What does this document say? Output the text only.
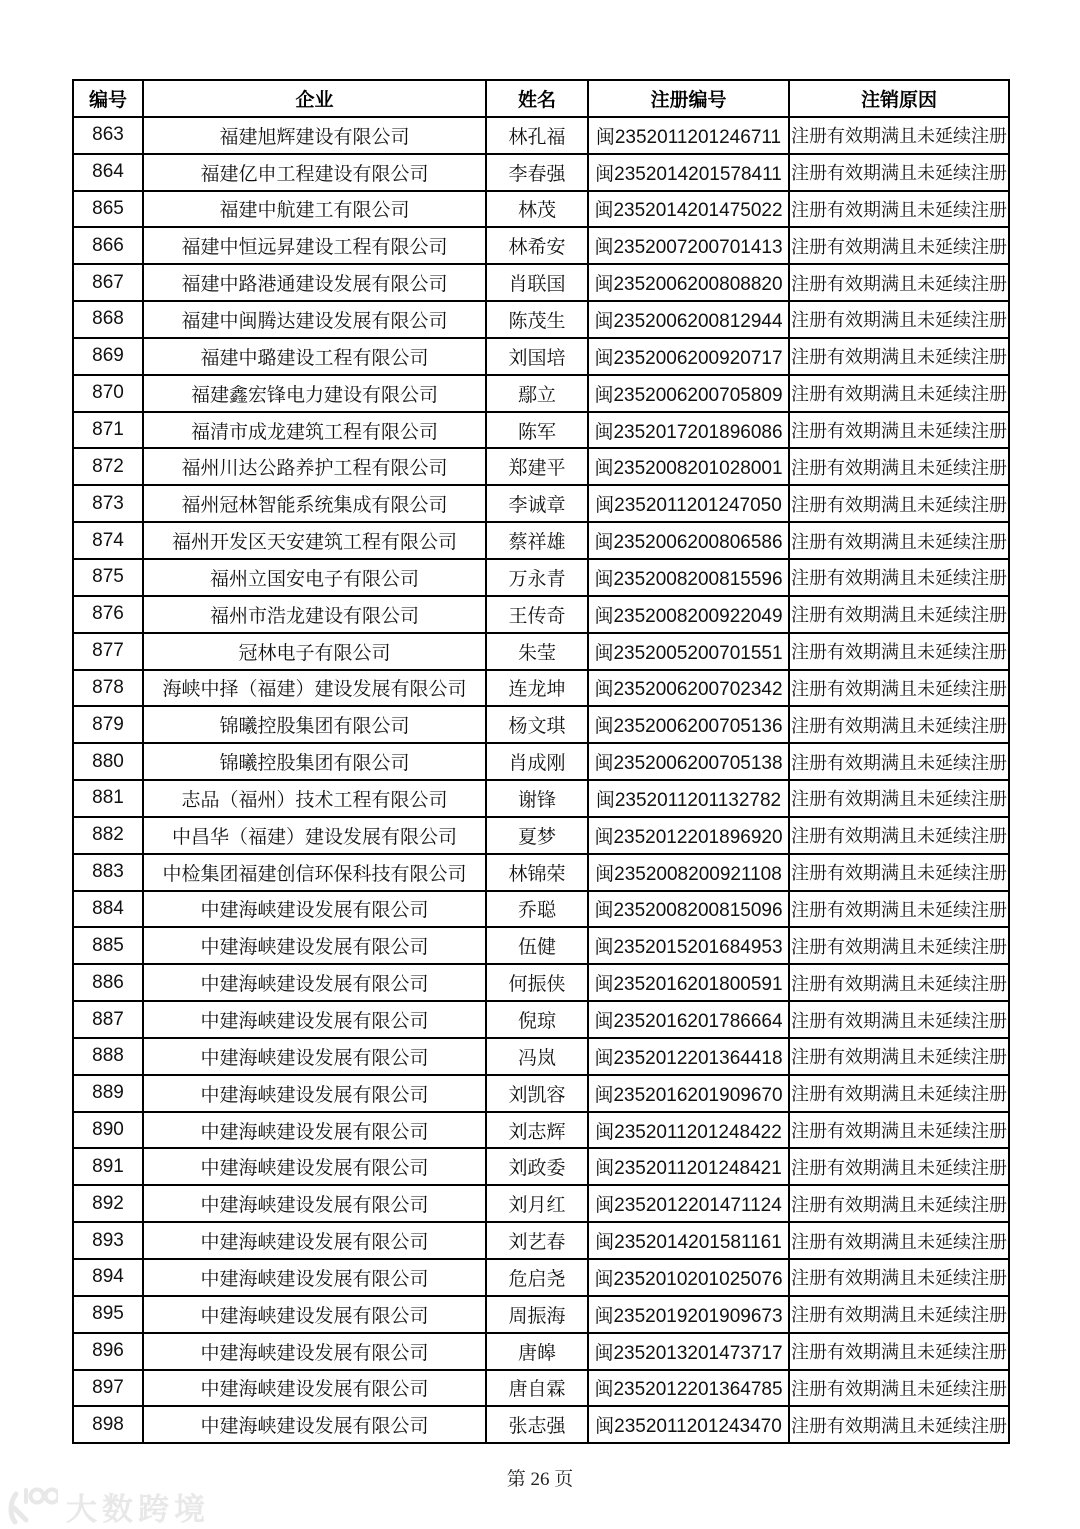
编号	企业	姓名	注册编号	注销原因
863	福建旭辉建设有限公司	林孔福	闽2352011201246711	注册有效期满且未延续注册
864	福建亿申工程建设有限公司	李春强	闽2352014201578411	注册有效期满且未延续注册
865	福建中航建工有限公司	林茂	闽2352014201475022	注册有效期满且未延续注册
866	福建中恒远昇建设工程有限公司	林希安	闽2352007200701413	注册有效期满且未延续注册
867	福建中路港通建设发展有限公司	肖联国	闽2352006200808820	注册有效期满且未延续注册
868	福建中闽腾达建设发展有限公司	陈茂生	闽2352006200812944	注册有效期满且未延续注册
869	福建中璐建设工程有限公司	刘国培	闽2352006200920717	注册有效期满且未延续注册
870	福建鑫宏锋电力建设有限公司	鄢立	闽2352006200705809	注册有效期满且未延续注册
871	福清市成龙建筑工程有限公司	陈军	闽2352017201896086	注册有效期满且未延续注册
872	福州川达公路养护工程有限公司	郑建平	闽2352008201028001	注册有效期满且未延续注册
873	福州冠林智能系统集成有限公司	李诚章	闽2352011201247050	注册有效期满且未延续注册
874	福州开发区天安建筑工程有限公司	蔡祥雄	闽2352006200806586	注册有效期满且未延续注册
875	福州立国安电子有限公司	万永青	闽2352008200815596	注册有效期满且未延续注册
876	福州市浩龙建设有限公司	王传奇	闽2352008200922049	注册有效期满且未延续注册
877	冠林电子有限公司	朱莹	闽2352005200701551	注册有效期满且未延续注册
878	海峡中择（福建）建设发展有限公司	连龙坤	闽2352006200702342	注册有效期满且未延续注册
879	锦曦控股集团有限公司	杨文琪	闽2352006200705136	注册有效期满且未延续注册
880	锦曦控股集团有限公司	肖成刚	闽2352006200705138	注册有效期满且未延续注册
881	志品（福州）技术工程有限公司	谢锋	闽2352011201132782	注册有效期满且未延续注册
882	中昌华（福建）建设发展有限公司	夏梦	闽2352012201896920	注册有效期满且未延续注册
883	中检集团福建创信环保科技有限公司	林锦荣	闽2352008200921108	注册有效期满且未延续注册
884	中建海峡建设发展有限公司	乔聪	闽2352008200815096	注册有效期满且未延续注册
885	中建海峡建设发展有限公司	伍健	闽2352015201684953	注册有效期满且未延续注册
886	中建海峡建设发展有限公司	何振侠	闽2352016201800591	注册有效期满且未延续注册
887	中建海峡建设发展有限公司	倪琼	闽2352016201786664	注册有效期满且未延续注册
888	中建海峡建设发展有限公司	冯岚	闽2352012201364418	注册有效期满且未延续注册
889	中建海峡建设发展有限公司	刘凯容	闽2352016201909670	注册有效期满且未延续注册
890	中建海峡建设发展有限公司	刘志辉	闽2352011201248422	注册有效期满且未延续注册
891	中建海峡建设发展有限公司	刘政委	闽2352011201248421	注册有效期满且未延续注册
892	中建海峡建设发展有限公司	刘月红	闽2352012201471124	注册有效期满且未延续注册
893	中建海峡建设发展有限公司	刘艺春	闽2352014201581161	注册有效期满且未延续注册
894	中建海峡建设发展有限公司	危启尧	闽2352010201025076	注册有效期满且未延续注册
895	中建海峡建设发展有限公司	周振海	闽2352019201909673	注册有效期满且未延续注册
896	中建海峡建设发展有限公司	唐皞	闽2352013201473717	注册有效期满且未延续注册
897	中建海峡建设发展有限公司	唐自霖	闽2352012201364785	注册有效期满且未延续注册
898	中建海峡建设发展有限公司	张志强	闽2352011201243470	注册有效期满且未延续注册
第 26 页
大数跨境
